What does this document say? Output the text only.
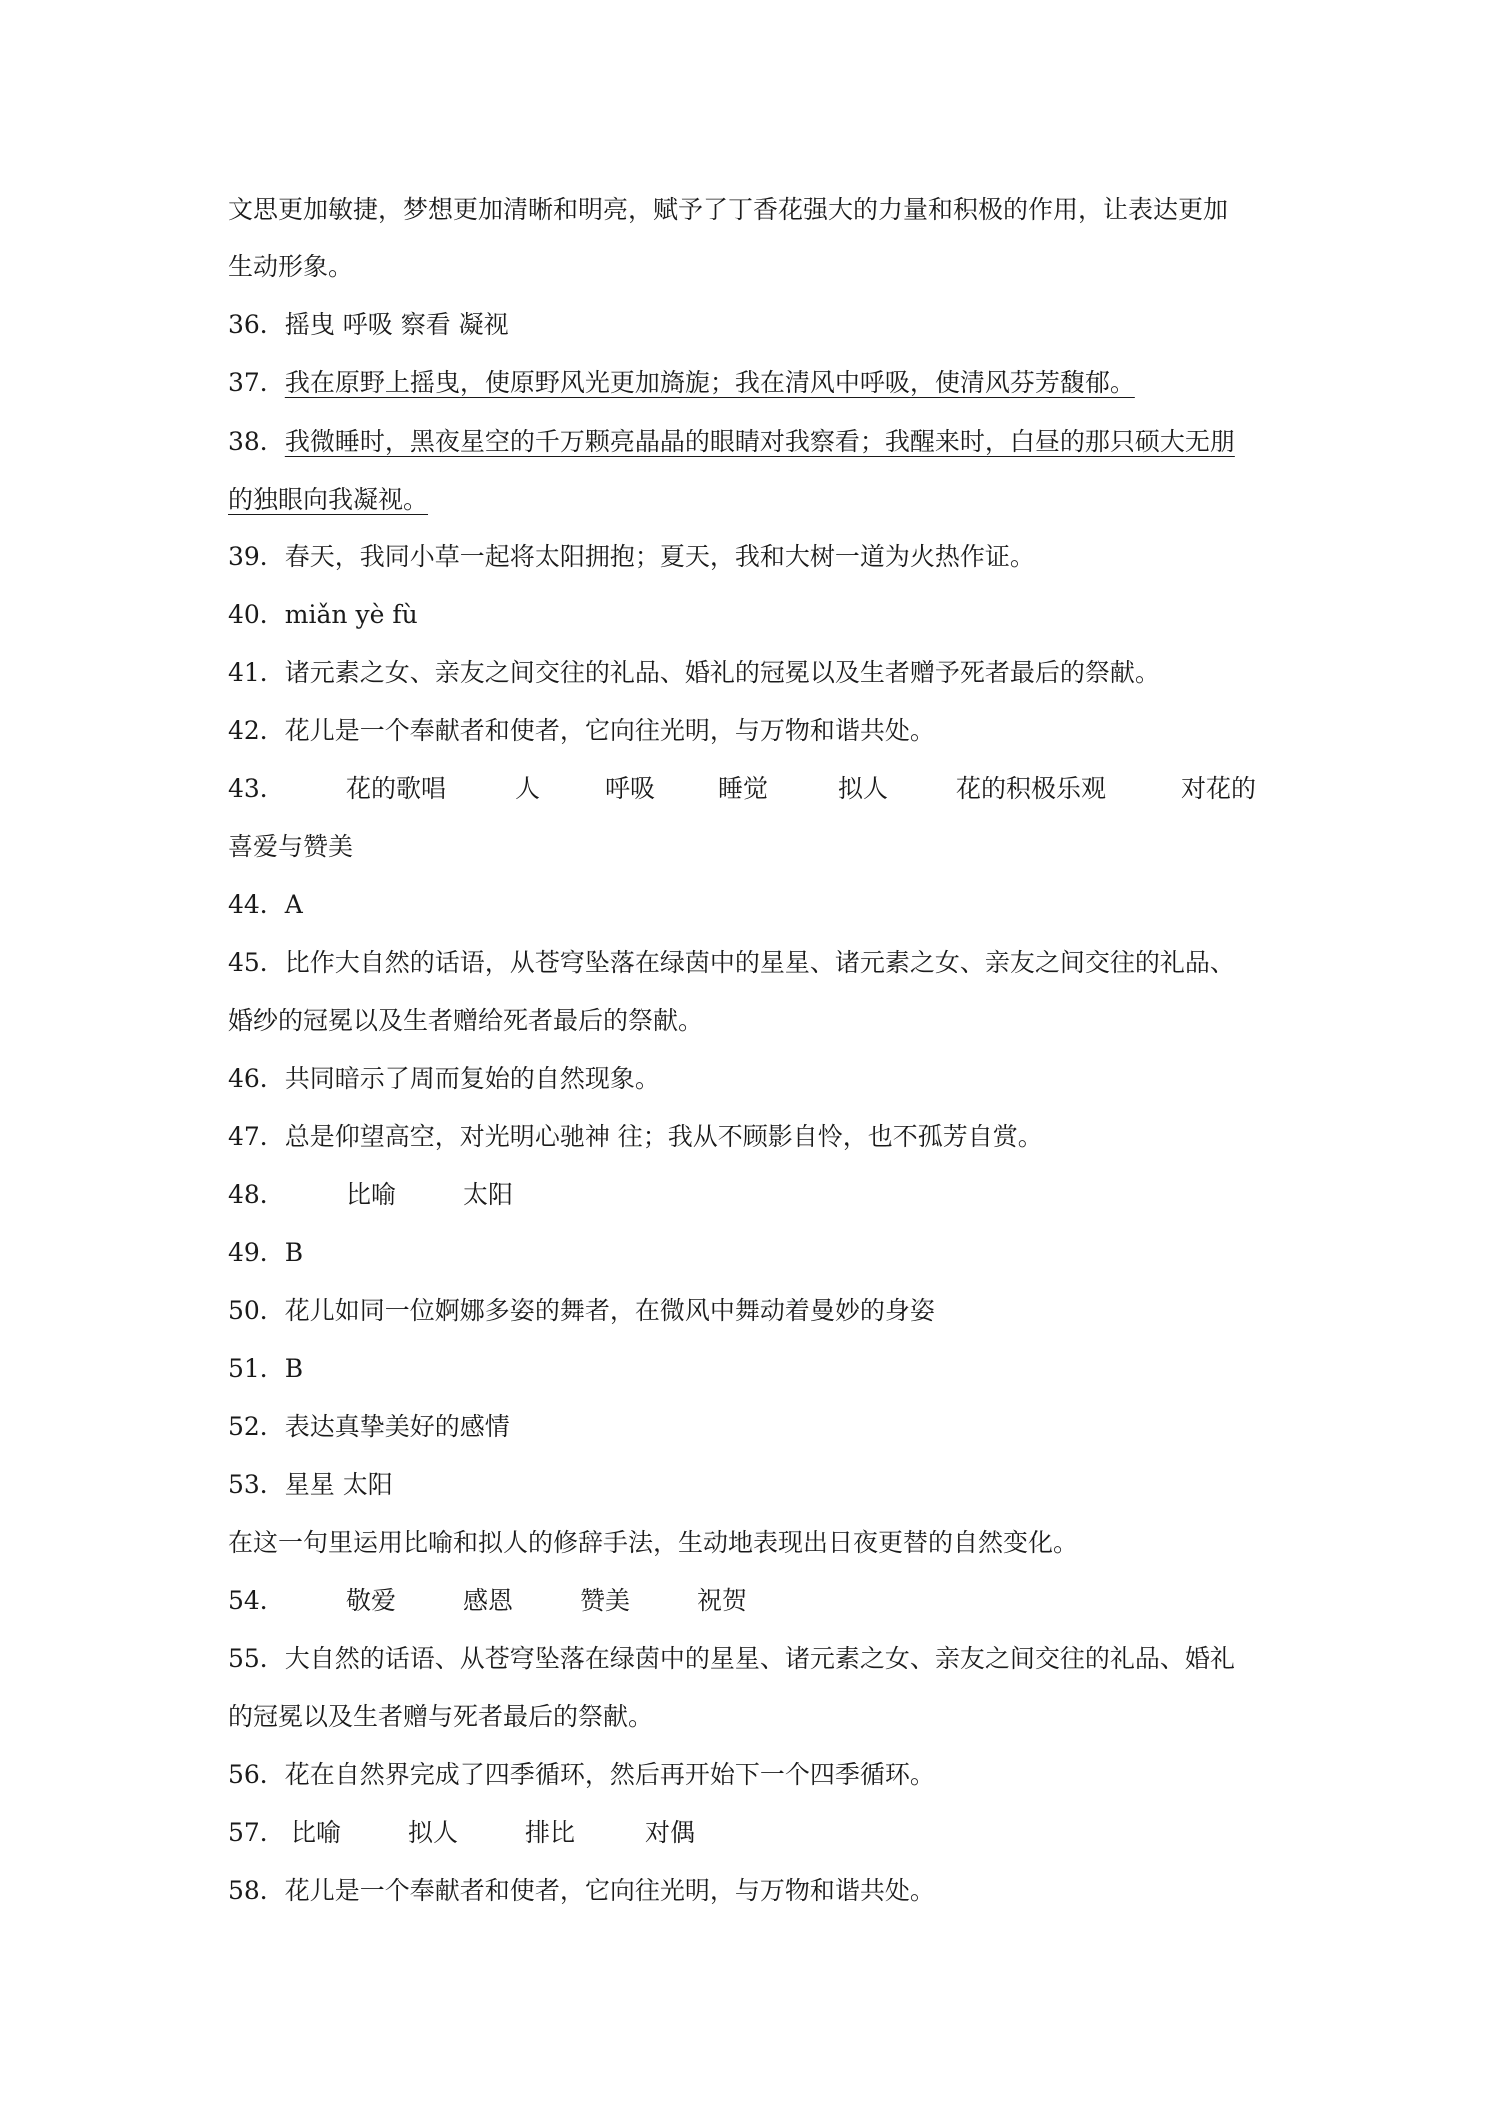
文思更加敏捷，梦想更加清晰和明亮，赋予了丁香花强大的力量和积极的作用，让表达更加
生动形象。
36．摇曳 呼吸 察看 凝视
37．我在原野上摇曳，使原野风光更加旖旎；我在清风中呼吸，使清风芬芳馥郁。
38．我微睡时，黑夜星空的千万颗亮晶晶的眼睛对我察看；我醒来时，白昼的那只硕大无朋
的独眼向我凝视。
39．春天，我同小草一起将太阳拥抱；夏天，我和大树一道为火热作证。
40．miǎn yè fù
41．诸元素之女、亲友之间交往的礼品、婚礼的冠冕以及生者赠予死者最后的祭献。
42．花儿是一个奉献者和使者，它向往光明，与万物和谐共处。
43． 花的歌唱	人	呼吸	睡觉	拟人	花的积极乐观	对花的
喜爱与赞美
44．A
45．比作大自然的话语，从苍穹坠落在绿茵中的星星、诸元素之女、亲友之间交往的礼品、
婚纱的冠冕以及生者赠给死者最后的祭献。
46．共同暗示了周而复始的自然现象。
47．总是仰望高空，对光明心驰神 往；我从不顾影自怜，也不孤芳自赏。
48． 比喻	太阳
49．B
50．花儿如同一位婀娜多姿的舞者，在微风中舞动着曼妙的身姿
51．B
52．表达真挚美好的感情
53．星星 太阳
在这一句里运用比喻和拟人的修辞手法，生动地表现出日夜更替的自然变化。
54． 敬爱	感恩	赞美	祝贺
55．大自然的话语、从苍穹坠落在绿茵中的星星、诸元素之女、亲友之间交往的礼品、婚礼
的冠冕以及生者赠与死者最后的祭献。
56．花在自然界完成了四季循环，然后再开始下一个四季循环。
57． 比喻	拟人	排比	对偶
58．花儿是一个奉献者和使者，它向往光明，与万物和谐共处。
